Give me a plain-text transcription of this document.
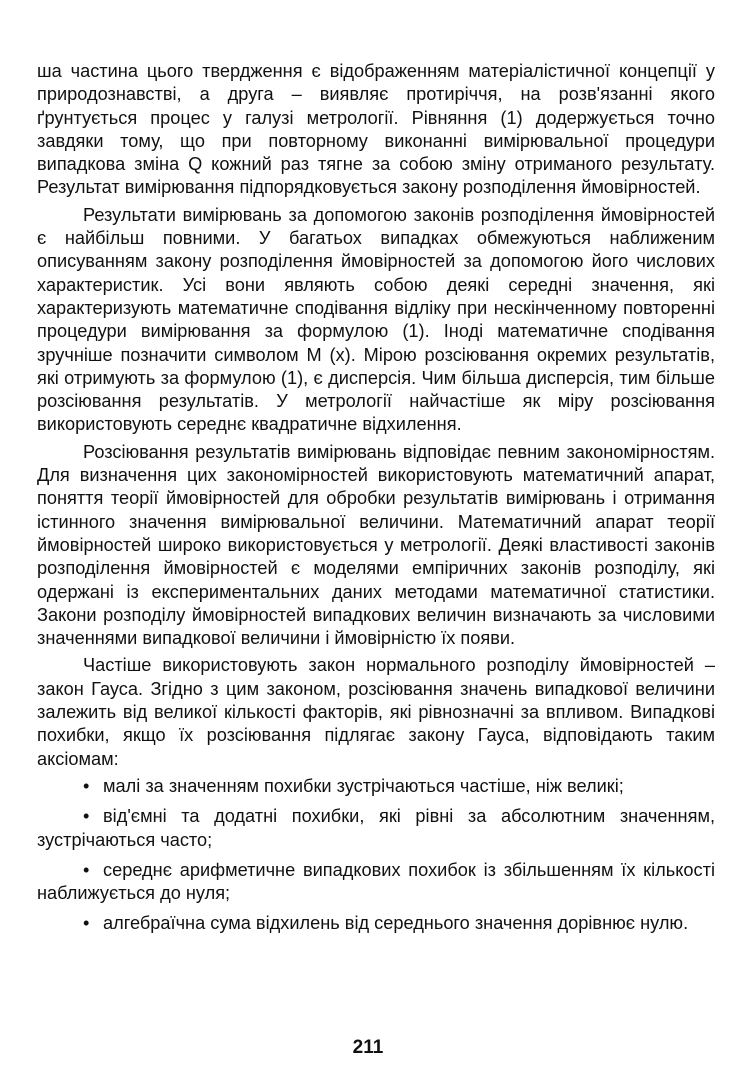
ша частина цього твердження є відображенням матеріалістичної концепції у природознавстві, а друга – виявляє протиріччя, на розв'язанні якого ґрунтується процес у галузі метрології. Рівняння (1) додержується точно завдяки тому, що при повторному виконанні вимірювальної процедури випадкова зміна Q кожний раз тягне за собою зміну отриманого результату. Результат вимірювання підпорядковується закону розподілення ймовірностей.

Результати вимірювань за допомогою законів розподілення ймовірностей є найбільш повними. У багатьох випадках обмежуються наближеним описуванням закону розподілення ймовірностей за допомогою його числових характеристик. Усі вони являють собою деякі середні значення, які характеризують математичне сподівання відліку при нескінченному повторенні процедури вимірювання за формулою (1). Іноді математичне сподівання зручніше позначити символом M (x). Мірою розсіювання окремих результатів, які отримують за формулою (1), є дисперсія. Чим більша дисперсія, тим більше розсіювання результатів. У метрології найчастіше як міру розсіювання використовують середнє квадратичне відхилення.

Розсіювання результатів вимірювань відповідає певним закономірностям. Для визначення цих закономірностей використовують математичний апарат, поняття теорії ймовірностей для обробки результатів вимірювань і отримання істинного значення вимірювальної величини. Математичний апарат теорії ймовірностей широко використовується у метрології. Деякі властивості законів розподілення ймовірностей є моделями емпіричних законів розподілу, які одержані із експериментальних даних методами математичної статистики. Закони розподілу ймовірностей випадкових величин визначають за числовими значеннями випадкової величини і ймовірністю їх появи.

Частіше використовують закон нормального розподілу ймовірностей – закон Гауса. Згідно з цим законом, розсіювання значень випадкової величини залежить від великої кількості факторів, які рівнозначні за впливом. Випадкові похибки, якщо їх розсіювання підлягає закону Гауса, відповідають таким аксіомам:

• малі за значенням похибки зустрічаються частіше, ніж великі;
• від'ємні та додатні похибки, які рівні за абсолютним значенням, зустрічаються часто;
• середнє арифметичне випадкових похибок із збільшенням їх кількості наближується до нуля;
• алгебраїчна сума відхилень від середнього значення дорівнює нулю.
211
